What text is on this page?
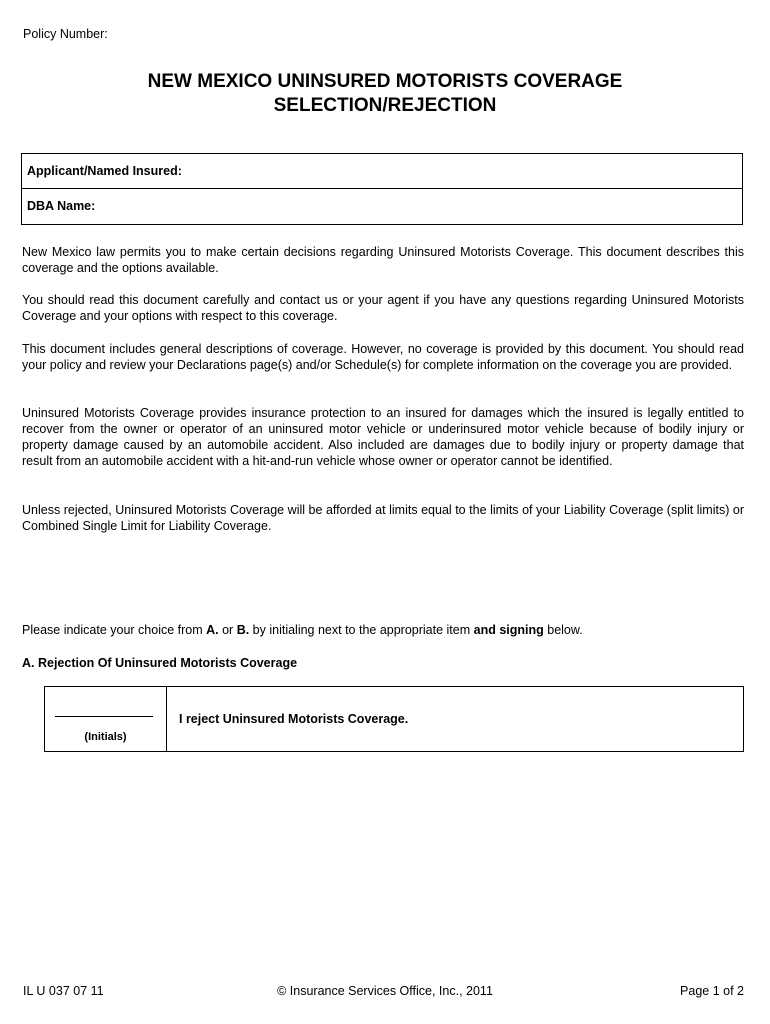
Policy Number:
NEW MEXICO UNINSURED MOTORISTS COVERAGE
SELECTION/REJECTION
Applicant/Named Insured:
DBA Name:

New Mexico law permits you to make certain decisions regarding Uninsured Motorists Coverage. This document describes this coverage and the options available.

You should read this document carefully and contact us or your agent if you have any questions regarding Uninsured Motorists Coverage and your options with respect to this coverage.

This document includes general descriptions of coverage. However, no coverage is provided by this document. You should read your policy and review your Declarations page(s) and/or Schedule(s) for complete information on the coverage you are provided.

Uninsured Motorists Coverage provides insurance protection to an insured for damages which the insured is legally entitled to recover from the owner or operator of an uninsured motor vehicle or underinsured motor vehicle because of bodily injury or property damage caused by an automobile accident. Also included are damages due to bodily injury or property damage that result from an automobile accident with a hit-and-run vehicle whose owner or operator cannot be identified.

Unless rejected, Uninsured Motorists Coverage will be afforded at limits equal to the limits of your Liability Coverage (split limits) or Combined Single Limit for Liability Coverage.

Please indicate your choice from A. or B. by initialing next to the appropriate item and signing below.
A. Rejection Of Uninsured Motorists Coverage
(Initials)
I reject Uninsured Motorists Coverage.
IL U 037 07 11	© Insurance Services Office, Inc., 2011	Page 1 of 2
